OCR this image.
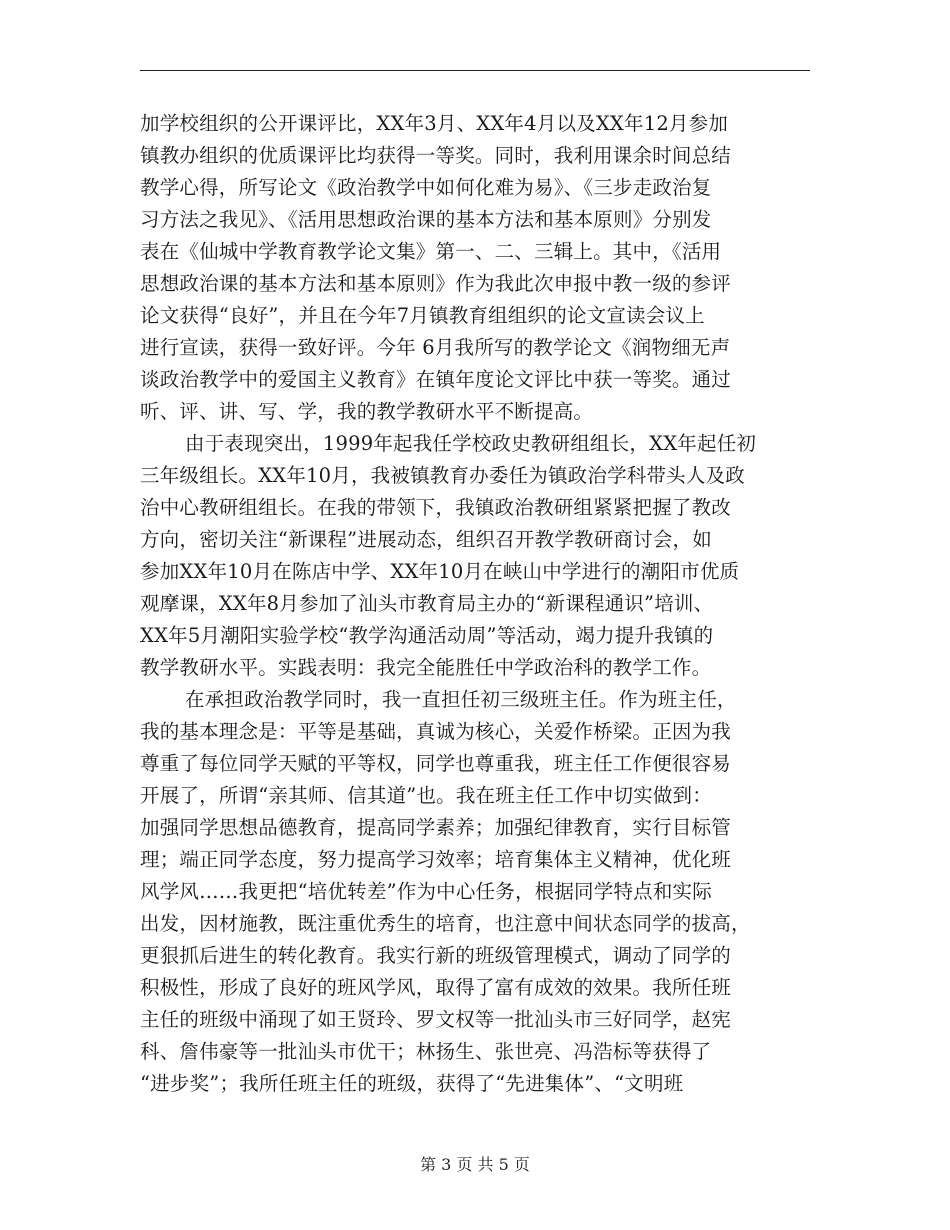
加学校组织的公开课评比，XX年3月、XX年4月以及XX年12月参加
镇教办组织的优质课评比均获得一等奖。同时，我利用课余时间总结
教学心得，所写论文《政治教学中如何化难为易》、《三步走政治复
习方法之我见》、《活用思想政治课的基本方法和基本原则》分别发
表在《仙城中学教育教学论文集》第一、二、三辑上。其中，《活用
思想政治课的基本方法和基本原则》作为我此次申报中教一级的参评
论文获得“良好”，并且在今年7月镇教育组组织的论文宣读会议上
进行宣读，获得一致好评。今年 6月我所写的教学论文《润物细无声
谈政治教学中的爱国主义教育》在镇年度论文评比中获一等奖。通过
听、评、讲、写、学，我的教学教研水平不断提高。
由于表现突出，1999年起我任学校政史教研组组长，XX年起任初
三年级组长。XX年10月，我被镇教育办委任为镇政治学科带头人及政
治中心教研组组长。在我的带领下，我镇政治教研组紧紧把握了教改
方向，密切关注“新课程”进展动态，组织召开教学教研商讨会，如
参加XX年10月在陈店中学、XX年10月在峡山中学进行的潮阳市优质
观摩课，XX年8月参加了汕头市教育局主办的“新课程通识”培训、
XX年5月潮阳实验学校“教学沟通活动周”等活动，竭力提升我镇的
教学教研水平。实践表明：我完全能胜任中学政治科的教学工作。
在承担政治教学同时，我一直担任初三级班主任。作为班主任，
我的基本理念是：平等是基础，真诚为核心，关爱作桥梁。正因为我
尊重了每位同学天赋的平等权，同学也尊重我，班主任工作便很容易
开展了，所谓“亲其师、信其道”也。我在班主任工作中切实做到：
加强同学思想品德教育，提高同学素养；加强纪律教育，实行目标管
理；端正同学态度，努力提高学习效率；培育集体主义精神，优化班
风学风……我更把“培优转差”作为中心任务，根据同学特点和实际
出发，因材施教，既注重优秀生的培育，也注意中间状态同学的拔高，
更狠抓后进生的转化教育。我实行新的班级管理模式，调动了同学的
积极性，形成了良好的班风学风，取得了富有成效的效果。我所任班
主任的班级中涌现了如王贤玲、罗文权等一批汕头市三好同学，赵宪
科、詹伟豪等一批汕头市优干；林扬生、张世亮、冯浩标等获得了
“进步奖”；我所任班主任的班级，获得了“先进集体”、“文明班
第 3 页 共 5 页
